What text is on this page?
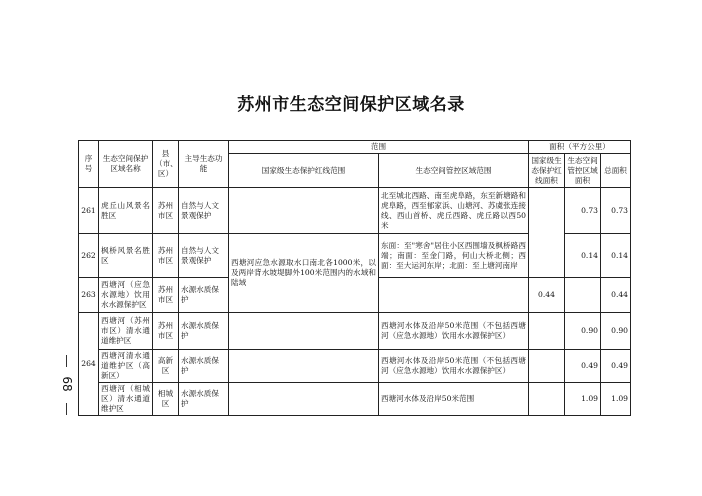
苏州市生态空间保护区域名录
68
序号	生态空间保护区域名称	县（市、区）	主导生态功能	范围		面积（平方公里）		
				国家级生态保护红线范围	生态空间管控区域范围	国家级生态保护红线面积	生态空间管控区域面积	总面积
261	虎丘山风景名胜区	苏州市区	自然与人文景观保护		北至城北西路、南至虎阜路，东至新塘路和虎阜路，西至郁家浜、山塘河、苏虞张连接线、西山首桥、虎丘西路、虎丘路以西50米		0.73	0.73
262	枫桥风景名胜区	苏州市区	自然与人文景观保护	西塘河应急水源取水口南北各1000米，以及两岸背水坡堤脚外100米范围内的水域和陆域	东面：至"寒舍"居住小区西围墙及枫桥路西端；南面：至金门路，何山大桥北侧；西面：至大运河东岸；北面：至上塘河南岸		0.14	0.14
263	西塘河（应急水源地）饮用水水源保护区	苏州市区	水源水质保护			0.44		0.44
264	西塘河（苏州市区）清水通道维护区	苏州市区	水源水质保护		西塘河水体及沿岸50米范围（不包括西塘河（应急水源地）饮用水水源保护区）		0.90	0.90
	西塘河清水通道维护区（高新区）	高新区	水源水质保护		西塘河水体及沿岸50米范围（不包括西塘河（应急水源地）饮用水水源保护区）		0.49	0.49
	西塘河（相城区）清水通道维护区	相城区	水源水质保护		西塘河水体及沿岸50米范围		1.09	1.09
